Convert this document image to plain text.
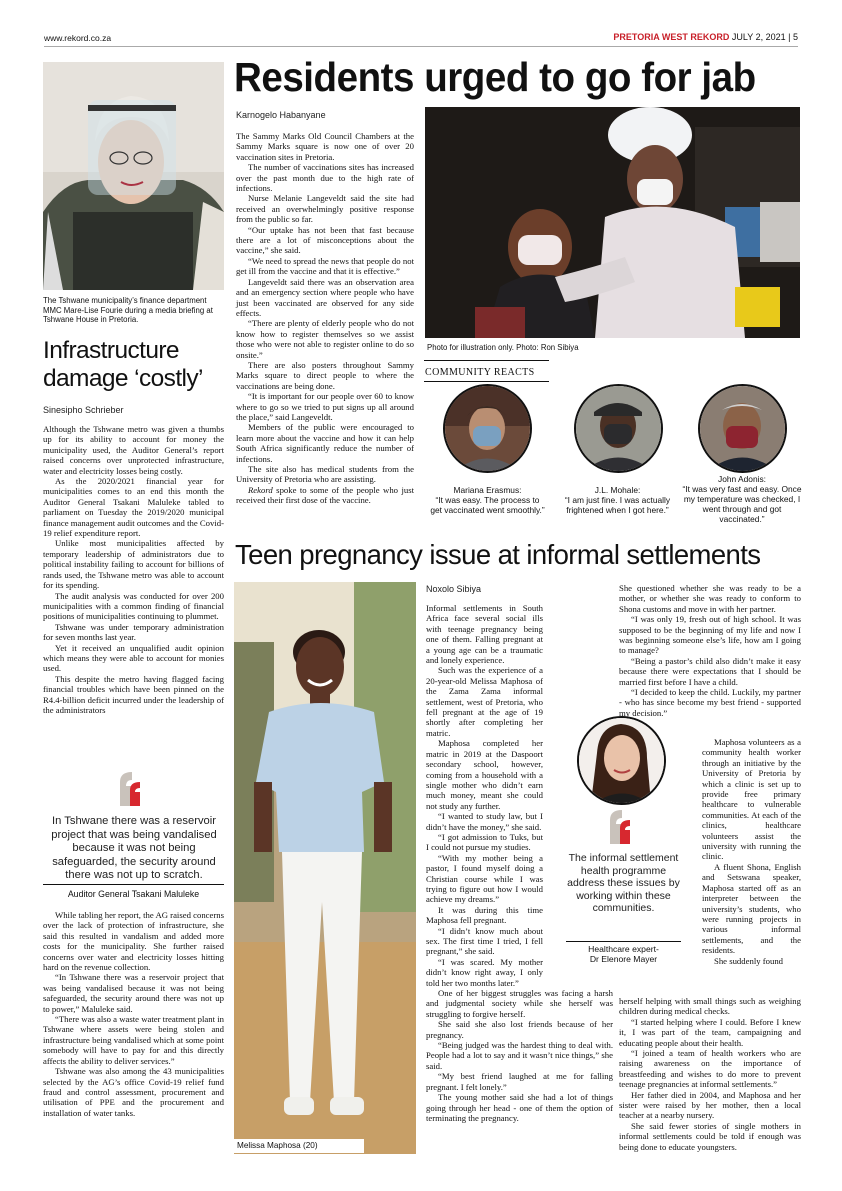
www.rekord.co.za	PRETORIA WEST REKORD JULY 2, 2021 | 5
The Tshwane municipality’s finance department MMC Mare-Lise Fourie during a media briefing at Tshwane House in Pretoria.
Infrastructure damage ‘costly’
Sinesipho Schrieber

Although the Tshwane metro was given a thumbs up for its ability to account for money the municipality used, the Auditor General’s report raised concerns over unprotected infrastructure, water and electricity losses being costly.

As the 2020/2021 financial year for municipalities comes to an end this month the Auditor General Tsakani Maluleke tabled to parliament on Tuesday the 2019/2020 municipal finance management audit outcomes and the Covid-19 relief expenditure report.

Unlike most municipalities affected by temporary leadership of administrators due to political instability failing to account for billions of rands used, the Tshwane metro was able to account for its spending.

The audit analysis was conducted for over 200 municipalities with a common finding of financial positions of municipalities continuing to plummet.

Tshwane was under temporary administration for seven months last year.

Yet it received an unqualified audit opinion which means they were able to account for monies used.

This despite the metro having flagged facing financial troubles which have been pinned on the R4.4-billion deficit incurred under the leadership of the administrators

In Tshwane there was a reservoir project that was being vandalised because it was not being safeguarded, the security around there was not up to scratch.
Auditor General Tsakani Maluleke

While tabling her report, the AG raised concerns over the lack of protection of infrastructure, she said this resulted in vandalism and added more costs for the municipality. She further raised concerns over water and electricity losses hitting hard on the revenue collection.

“In Tshwane there was a reservoir project that was being vandalised because it was not being safeguarded, the security around there was not up to power,” Maluleke said.

“There was also a waste water treatment plant in Tshwane where assets were being stolen and infrastructure being vandalised which at some point somebody will have to pay for and this directly affects the ability to deliver services.”

Tshwane was also among the 43 municipalities selected by the AG’s office Covid-19 relief fund fraud and control assessment, procurement and utilisation of PPE and the procurement and installation of water tanks.

Residents urged to go for jab
Karnogelo Habanyane

The Sammy Marks Old Council Chambers at the Sammy Marks square is now one of over 20 vaccination sites in Pretoria.

The number of vaccinations sites has increased over the past month due to the high rate of infections.

Nurse Melanie Langeveldt said the site had received an overwhelmingly positive response from the public so far.

“Our uptake has not been that fast because there are a lot of misconceptions about the vaccine,” she said.

“We need to spread the news that people do not get ill from the vaccine and that it is effective.”

Langeveldt said there was an observation area and an emergency section where people who have just been vaccinated are observed for any side effects.

“There are plenty of elderly people who do not know how to register themselves so we assist those who were not able to register online to do so onsite.”

There are also posters throughout Sammy Marks square to direct people to where the vaccinations are being done.

“It is important for our people over 60 to know where to go so we tried to put signs up all around the place,” said Langeveldt.

Members of the public were encouraged to learn more about the vaccine and how it can help South Africa significantly reduce the number of infections.

The site also has medical students from the University of Pretoria who are assisting.

Rekord spoke to some of the people who just received their first dose of the vaccine.

Photo for illustration only. Photo: Ron Sibiya
COMMUNITY REACTS
Mariana Erasmus:
“It was easy. The process to get vaccinated went smoothly.”
J.L. Mohale:
“I am just fine. I was actually frightened when I got here.”
John Adonis:
“It was very fast and easy. Once my temperature was checked, I went through and got vaccinated.”
Teen pregnancy issue at informal settlements
Melissa Maphosa (20)
Noxolo Sibiya

Informal settlements in South Africa face several social ills with teenage pregnancy being one of them. Falling pregnant at a young age can be a traumatic and lonely experience.

Such was the experience of a 20-year-old Melissa Maphosa of the Zama Zama informal settlement, west of Pretoria, who fell pregnant at the age of 19 shortly after completing her matric.

Maphosa completed her matric in 2019 at the Daspoort secondary school, however, coming from a household with a single mother who didn’t earn much money, meant she could not study any further.

“I wanted to study law, but I didn’t have the money,” she said.

“I got admission to Tuks, but I could not pursue my studies.

“With my mother being a pastor, I found myself doing a Christian course while I was trying to figure out how I would achieve my dreams.”

It was during this time Maphosa fell pregnant.

“I didn’t know much about sex. The first time I tried, I fell pregnant,” she said.

“I was scared. My mother didn’t know right away, I only told her two months later.”

One of her biggest struggles was facing a harsh and judgmental society while she herself was struggling to forgive herself.

She said she also lost friends because of her pregnancy.

“Being judged was the hardest thing to deal with. People had a lot to say and it wasn’t nice things,” she said.

“My best friend laughed at me for falling pregnant. I felt lonely.”

The young mother said she had a lot of things going through her head - one of them the option of terminating the pregnancy.

The informal settlement health programme address these issues by working within these communities.
Healthcare expert-
Dr Elenore Mayer

She questioned whether she was ready to be a mother, or whether she was ready to conform to Shona customs and move in with her partner.

“I was only 19, fresh out of high school. It was supposed to be the beginning of my life and now I was beginning someone else’s life, how am I going to manage?

“Being a pastor’s child also didn’t make it easy because there were expectations that I should be married first before I have a child.

“I decided to keep the child. Luckily, my partner - who has since become my best friend - supported my decision.”

Maphosa volunteers as a community health worker through an initiative by the University of Pretoria by which a clinic is set up to provide free primary healthcare to vulnerable communities. At each of the clinics, healthcare volunteers assist the university with running the clinic.

A fluent Shona, English and Setswana speaker, Maphosa started off as an interpreter between the university’s students, who were running projects in various informal settlements, and the residents.

She suddenly found

herself helping with small things such as weighing children during medical checks.

“I started helping where I could. Before I knew it, I was part of the team, campaigning and educating people about their health.

“I joined a team of health workers who are raising awareness on the importance of breastfeeding and wishes to do more to prevent teenage pregnancies at informal settlements.”

Her father died in 2004, and Maphosa and her sister were raised by her mother, then a local teacher at a nearby nursery.

She said fewer stories of single mothers in informal settlements could be told if enough was being done to educate youngsters.
